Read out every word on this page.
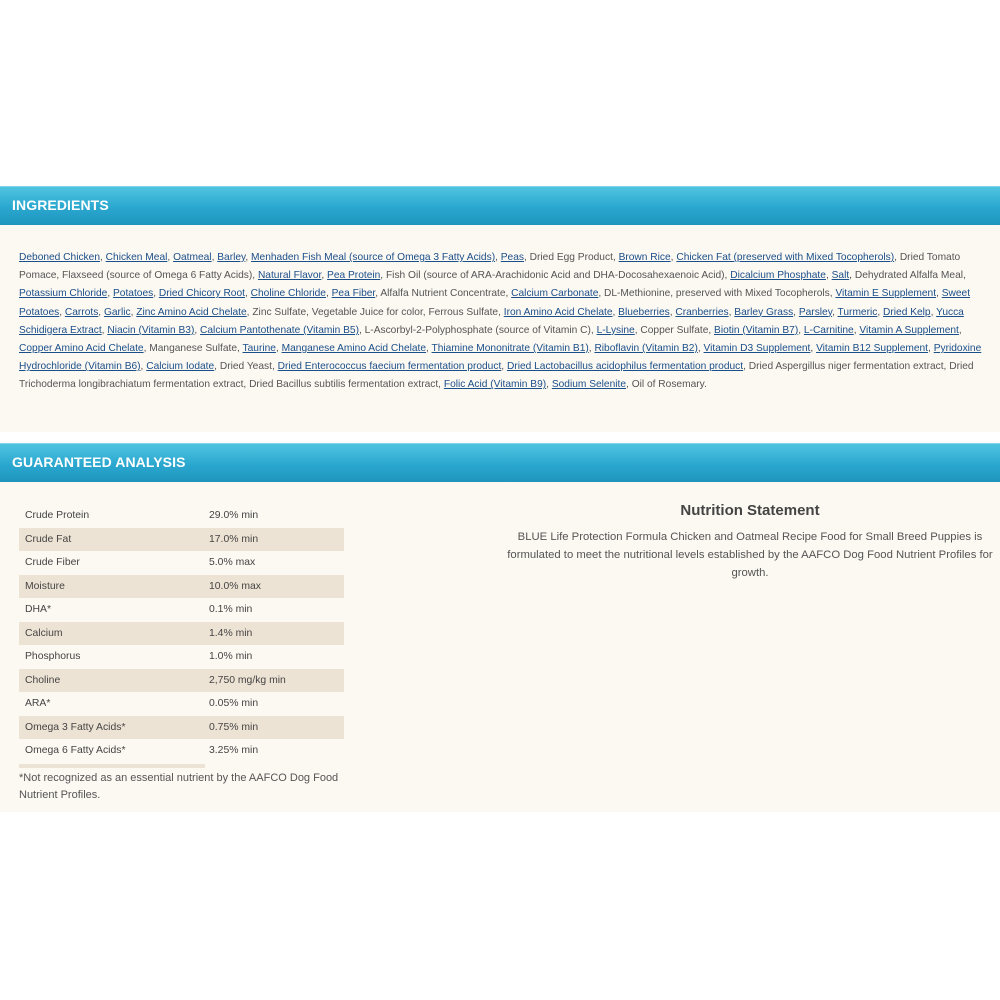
INGREDIENTS
Deboned Chicken, Chicken Meal, Oatmeal, Barley, Menhaden Fish Meal (source of Omega 3 Fatty Acids), Peas, Dried Egg Product, Brown Rice, Chicken Fat (preserved with Mixed Tocopherols), Dried Tomato Pomace, Flaxseed (source of Omega 6 Fatty Acids), Natural Flavor, Pea Protein, Fish Oil (source of ARA-Arachidonic Acid and DHA-Docosahexaenoic Acid), Dicalcium Phosphate, Salt, Dehydrated Alfalfa Meal, Potassium Chloride, Potatoes, Dried Chicory Root, Choline Chloride, Pea Fiber, Alfalfa Nutrient Concentrate, Calcium Carbonate, DL-Methionine, preserved with Mixed Tocopherols, Vitamin E Supplement, Sweet Potatoes, Carrots, Garlic, Zinc Amino Acid Chelate, Zinc Sulfate, Vegetable Juice for color, Ferrous Sulfate, Iron Amino Acid Chelate, Blueberries, Cranberries, Barley Grass, Parsley, Turmeric, Dried Kelp, Yucca Schidigera Extract, Niacin (Vitamin B3), Calcium Pantothenate (Vitamin B5), L-Ascorbyl-2-Polyphosphate (source of Vitamin C), L-Lysine, Copper Sulfate, Biotin (Vitamin B7), L-Carnitine, Vitamin A Supplement, Copper Amino Acid Chelate, Manganese Sulfate, Taurine, Manganese Amino Acid Chelate, Thiamine Mononitrate (Vitamin B1), Riboflavin (Vitamin B2), Vitamin D3 Supplement, Vitamin B12 Supplement, Pyridoxine Hydrochloride (Vitamin B6), Calcium Iodate, Dried Yeast, Dried Enterococcus faecium fermentation product, Dried Lactobacillus acidophilus fermentation product, Dried Aspergillus niger fermentation extract, Dried Trichoderma longibrachiatum fermentation extract, Dried Bacillus subtilis fermentation extract, Folic Acid (Vitamin B9), Sodium Selenite, Oil of Rosemary.
GUARANTEED ANALYSIS
Crude Protein	29.0% min
Crude Fat	17.0% min
Crude Fiber	5.0% max
Moisture	10.0% max
DHA*	0.1% min
Calcium	1.4% min
Phosphorus	1.0% min
Choline	2,750 mg/kg min
ARA*	0.05% min
Omega 3 Fatty Acids*	0.75% min
Omega 6 Fatty Acids*	3.25% min
*Not recognized as an essential nutrient by the AAFCO Dog Food Nutrient Profiles.
Nutrition Statement
BLUE Life Protection Formula Chicken and Oatmeal Recipe Food for Small Breed Puppies is formulated to meet the nutritional levels established by the AAFCO Dog Food Nutrient Profiles for growth.
